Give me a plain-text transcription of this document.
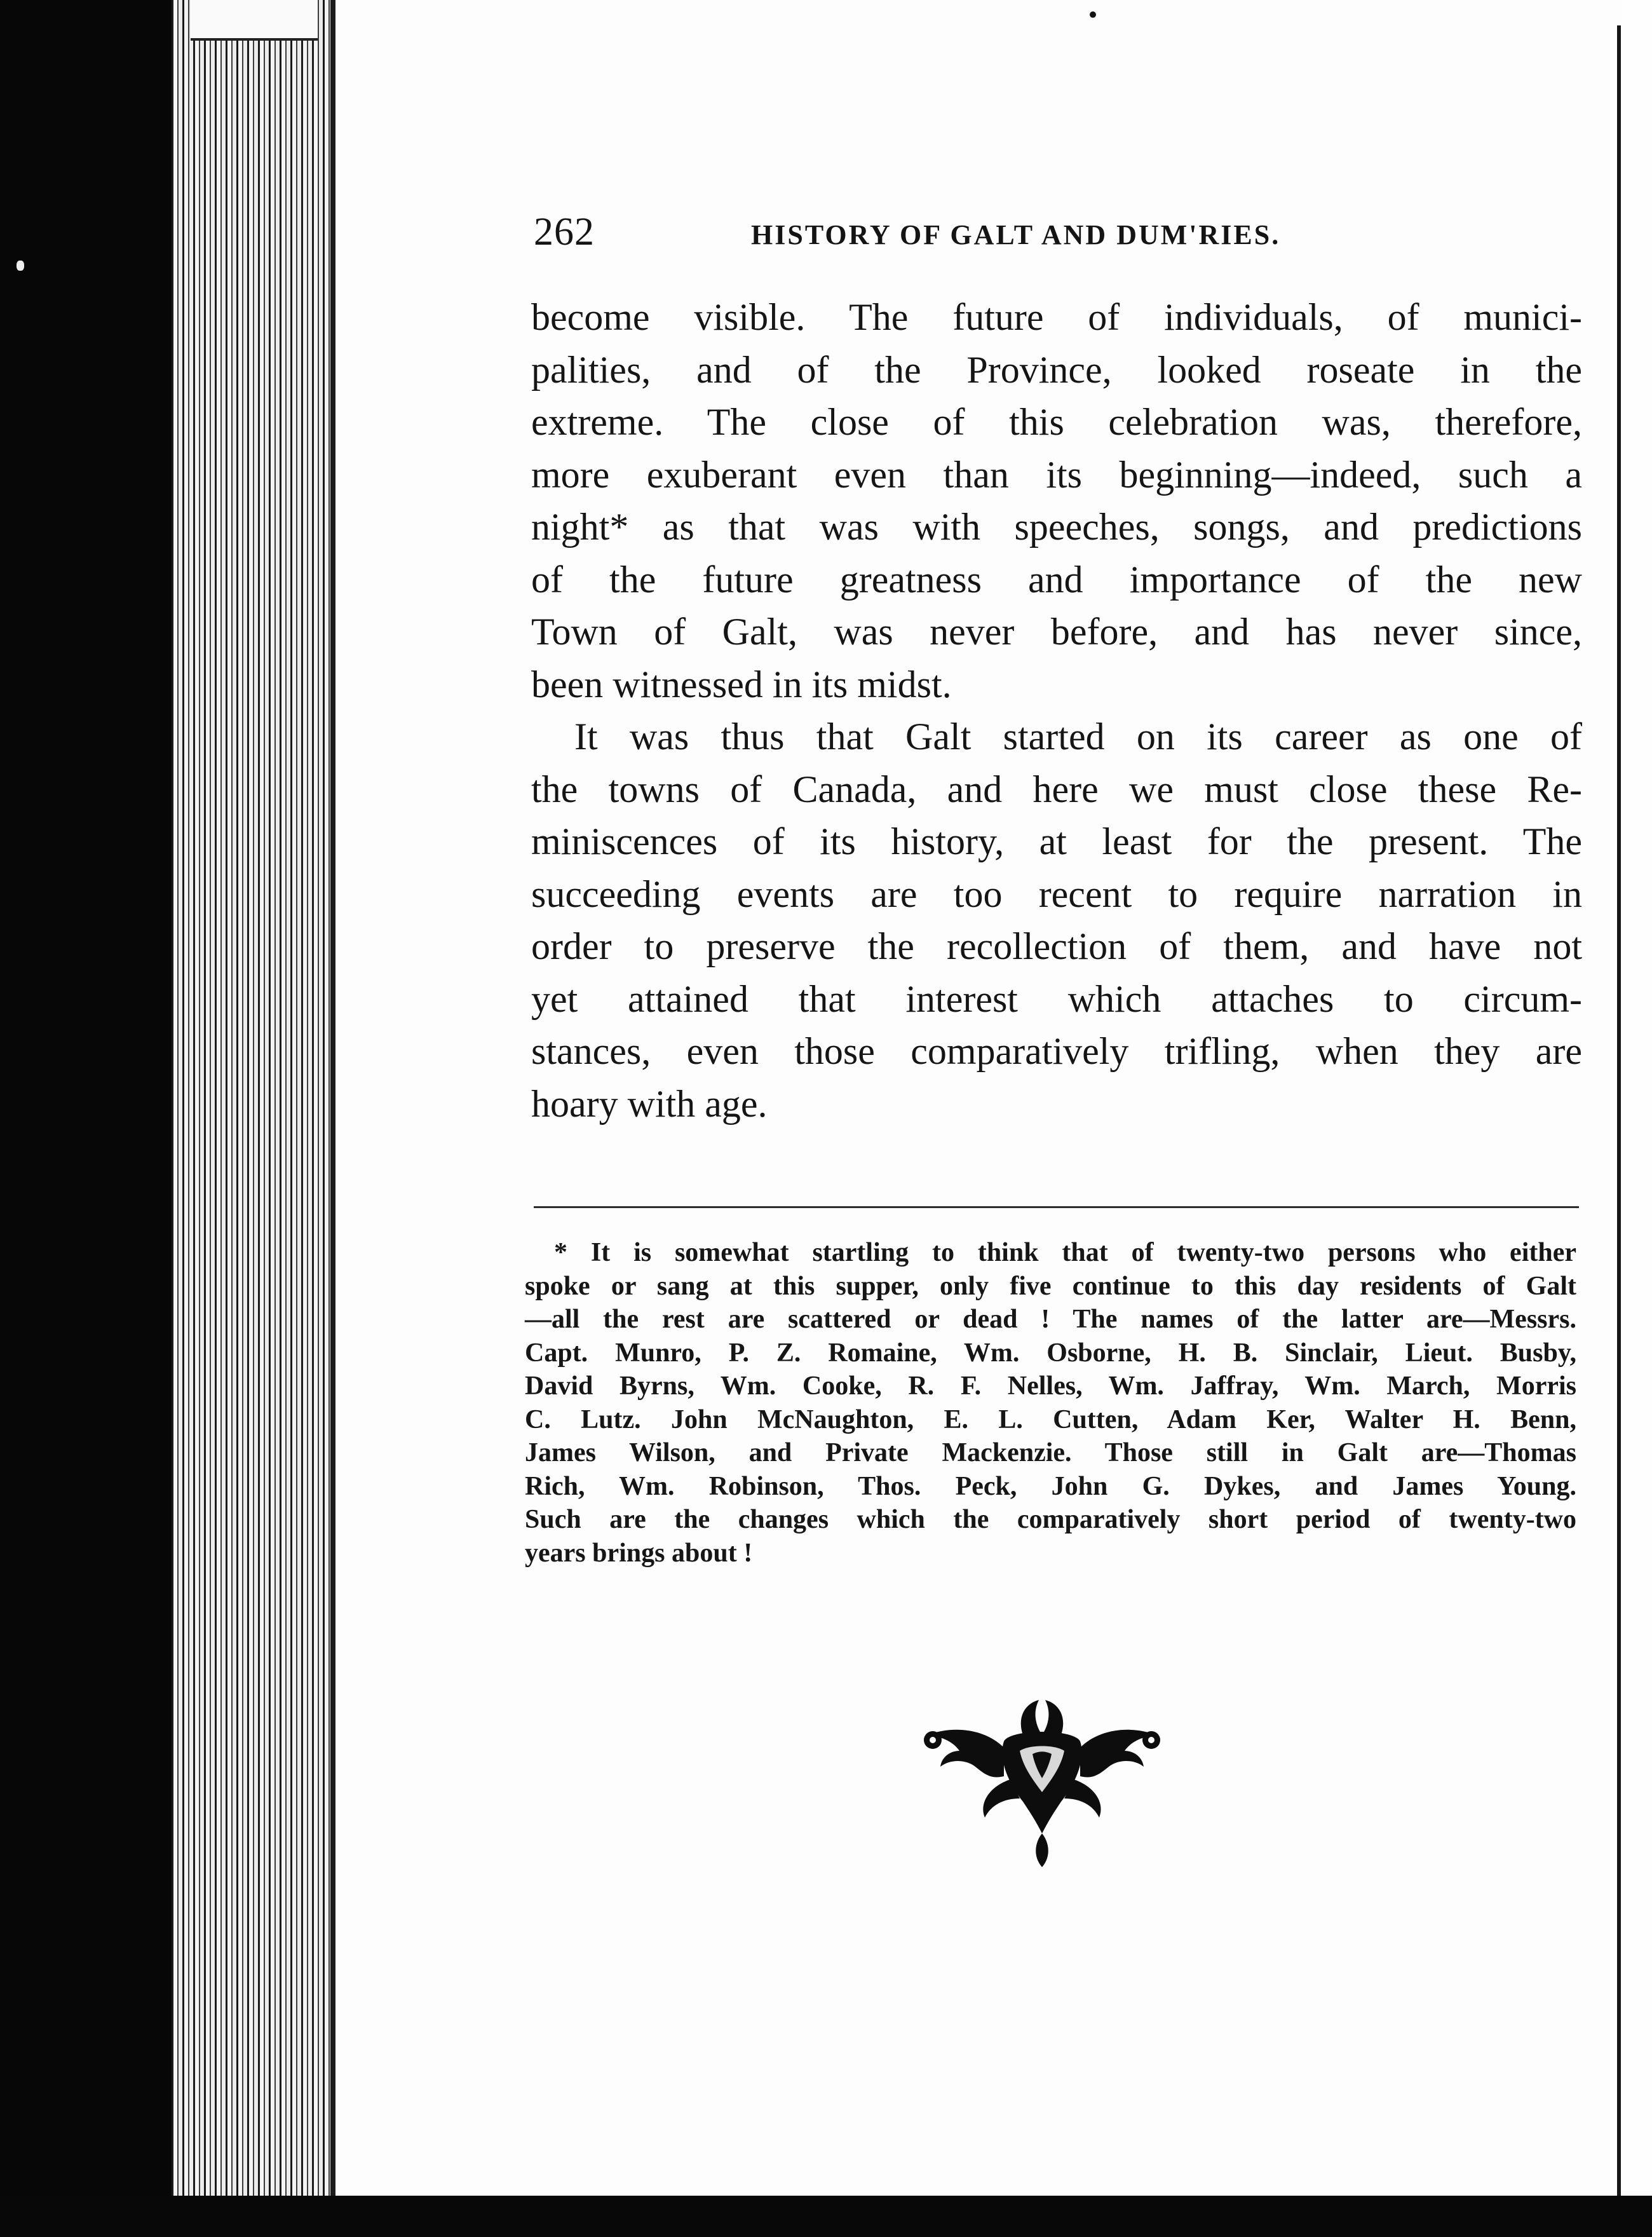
262	HISTORY OF GALT AND DUM'RIES.
become visible. The future of individuals, of munici-
palities, and of the Province, looked roseate in the
extreme. The close of this celebration was, therefore,
more exuberant even than its beginning—indeed, such a
night* as that was with speeches, songs, and predictions
of the future greatness and importance of the new
Town of Galt, was never before, and has never since,
been witnessed in its midst.
It was thus that Galt started on its career as one of
the towns of Canada, and here we must close these Re-
miniscences of its history, at least for the present. The
succeeding events are too recent to require narration in
order to preserve the recollection of them, and have not
yet attained that interest which attaches to circum-
stances, even those comparatively trifling, when they are
hoary with age.
* It is somewhat startling to think that of twenty-two persons who either
spoke or sang at this supper, only five continue to this day residents of Galt
—all the rest are scattered or dead ! The names of the latter are—Messrs.
Capt. Munro, P. Z. Romaine, Wm. Osborne, H. B. Sinclair, Lieut. Busby,
David Byrns, Wm. Cooke, R. F. Nelles, Wm. Jaffray, Wm. March, Morris
C. Lutz. John McNaughton, E. L. Cutten, Adam Ker, Walter H. Benn,
James Wilson, and Private Mackenzie. Those still in Galt are—Thomas
Rich, Wm. Robinson, Thos. Peck, John G. Dykes, and James Young.
Such are the changes which the comparatively short period of twenty-two
years brings about !
